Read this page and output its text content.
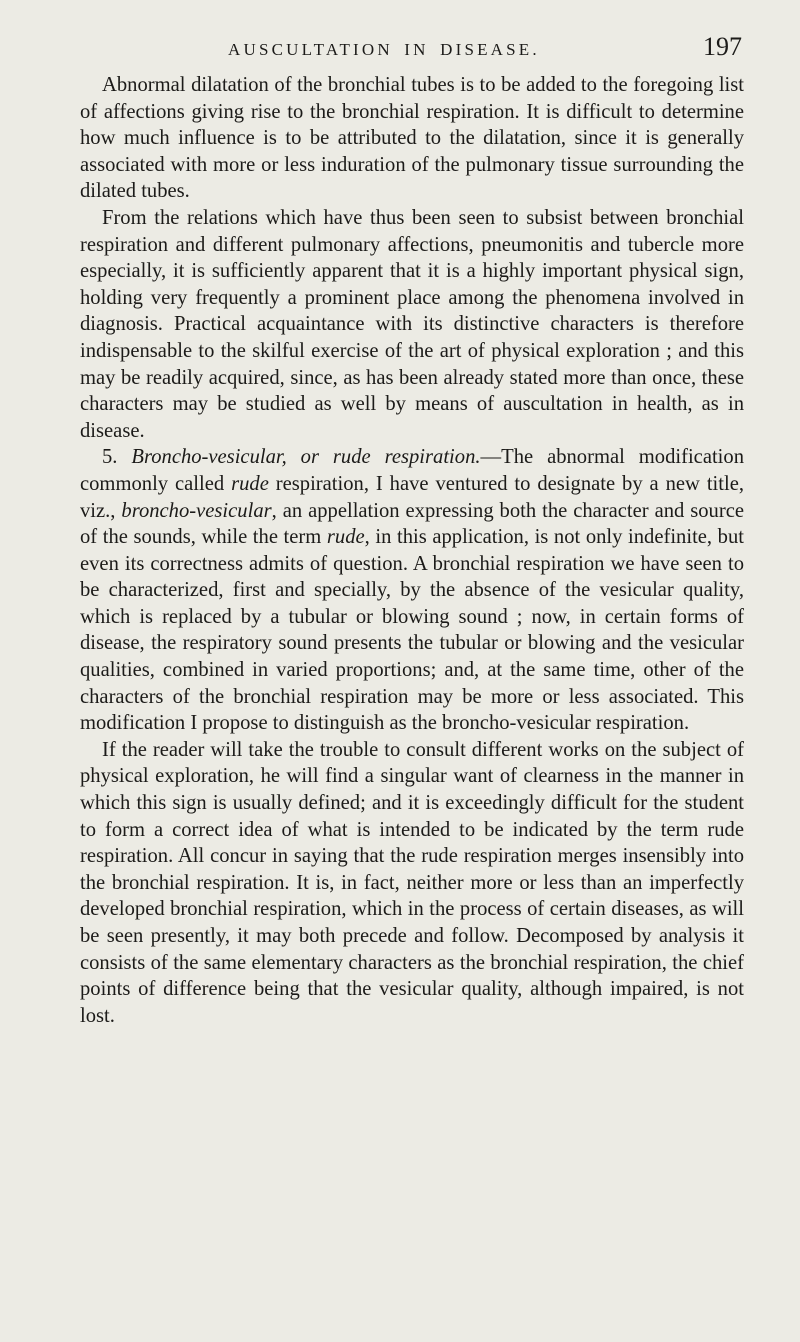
AUSCULTATION IN DISEASE.	197

Abnormal dilatation of the bronchial tubes is to be added to the foregoing list of affections giving rise to the bronchial respiration. It is difficult to determine how much influence is to be attributed to the dilatation, since it is generally associated with more or less induration of the pulmonary tissue surrounding the dilated tubes.

From the relations which have thus been seen to subsist between bronchial respiration and different pulmonary affections, pneumonitis and tubercle more especially, it is sufficiently apparent that it is a highly important physical sign, holding very frequently a prominent place among the phenomena involved in diagnosis. Practical acquaintance with its distinctive characters is therefore indispensable to the skilful exercise of the art of physical exploration ; and this may be readily acquired, since, as has been already stated more than once, these characters may be studied as well by means of auscultation in health, as in disease.

5. Broncho-vesicular, or rude respiration.—The abnormal modification commonly called rude respiration, I have ventured to designate by a new title, viz., broncho-vesicular, an appellation expressing both the character and source of the sounds, while the term rude, in this application, is not only indefinite, but even its correctness admits of question. A bronchial respiration we have seen to be characterized, first and specially, by the absence of the vesicular quality, which is replaced by a tubular or blowing sound ; now, in certain forms of disease, the respiratory sound presents the tubular or blowing and the vesicular qualities, combined in varied proportions; and, at the same time, other of the characters of the bronchial respiration may be more or less associated. This modification I propose to distinguish as the broncho-vesicular respiration.

If the reader will take the trouble to consult different works on the subject of physical exploration, he will find a singular want of clearness in the manner in which this sign is usually defined; and it is exceedingly difficult for the student to form a correct idea of what is intended to be indicated by the term rude respiration. All concur in saying that the rude respiration merges insensibly into the bronchial respiration. It is, in fact, neither more or less than an imperfectly developed bronchial respiration, which in the process of certain diseases, as will be seen presently, it may both precede and follow. Decomposed by analysis it consists of the same elementary characters as the bronchial respiration, the chief points of difference being that the vesicular quality, although impaired, is not lost.
